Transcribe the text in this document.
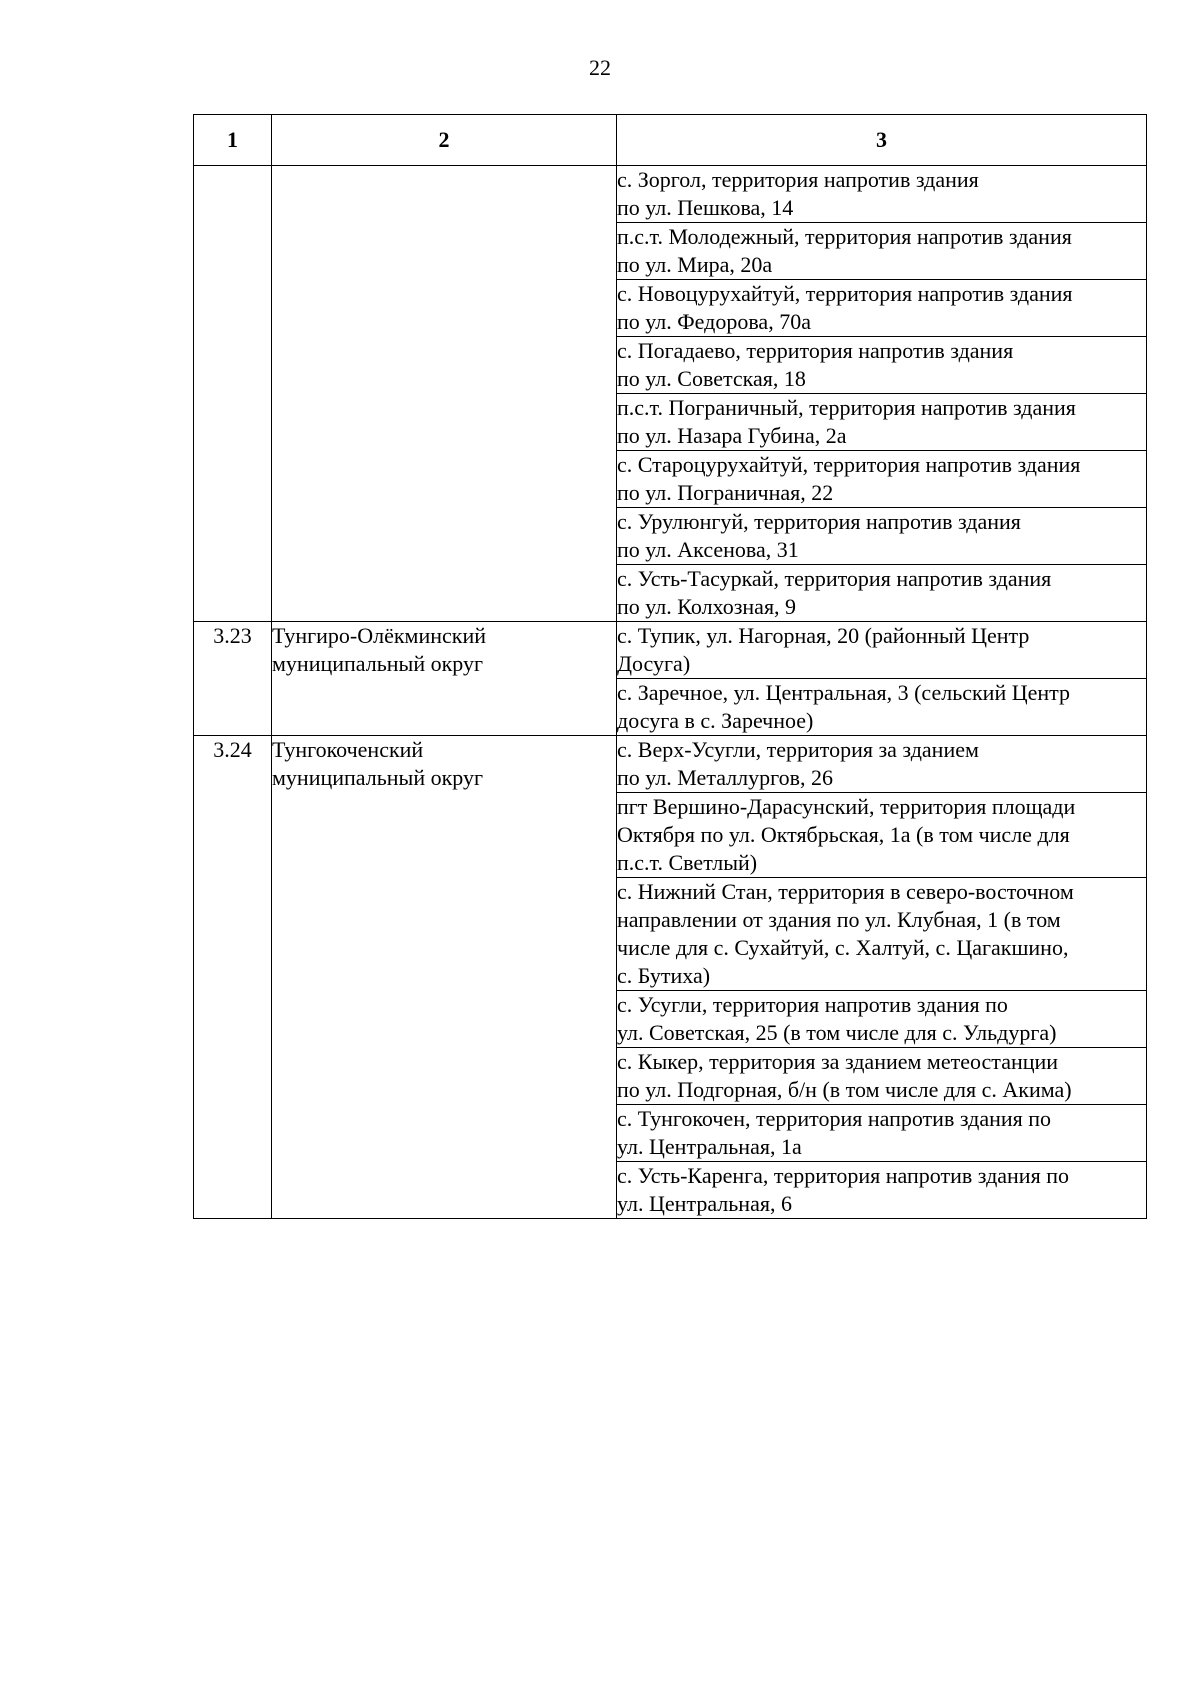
22
1	2	3

		с. Зоргол, территория напротив здания
по ул. Пешкова, 14

		п.с.т. Молодежный, территория напротив здания
по ул. Мира, 20а

		с. Новоцурухайтуй, территория напротив здания
по ул. Федорова, 70а

		с. Погадаево, территория напротив здания
по ул. Советская, 18

		п.с.т. Пограничный, территория напротив здания
по ул. Назара Губина, 2а

		с. Староцурухайтуй, территория напротив здания
по ул. Пограничная, 22

		с. Урулюнгуй, территория напротив здания
по ул. Аксенова, 31

		с. Усть-Тасуркай, территория напротив здания
по ул. Колхозная, 9

3.23	Тунгиро-Олёкминский
муниципальный округ	с. Тупик, ул. Нагорная, 20 (районный Центр
Досуга)

		с. Заречное, ул. Центральная, 3 (сельский Центр
досуга в с. Заречное)

3.24	Тунгокоченский
муниципальный округ	с. Верх-Усугли, территория за зданием
по ул. Металлургов, 26

		пгт Вершино-Дарасунский, территория площади
Октября по ул. Октябрьская, 1а (в том числе для
п.с.т. Светлый)

		с. Нижний Стан, территория в северо-восточном
направлении от здания по ул. Клубная, 1 (в том
числе для с. Сухайтуй, с. Халтуй, с. Цагакшино,
с. Бутиха)

		с. Усугли, территория напротив здания по
ул. Советская, 25 (в том числе для с. Ульдурга)

		с. Кыкер, территория за зданием метеостанции
по ул. Подгорная, б/н (в том числе для с. Акима)

		с. Тунгокочен, территория напротив здания по
ул. Центральная, 1а

		с. Усть-Каренга, территория напротив здания по
ул. Центральная, 6
